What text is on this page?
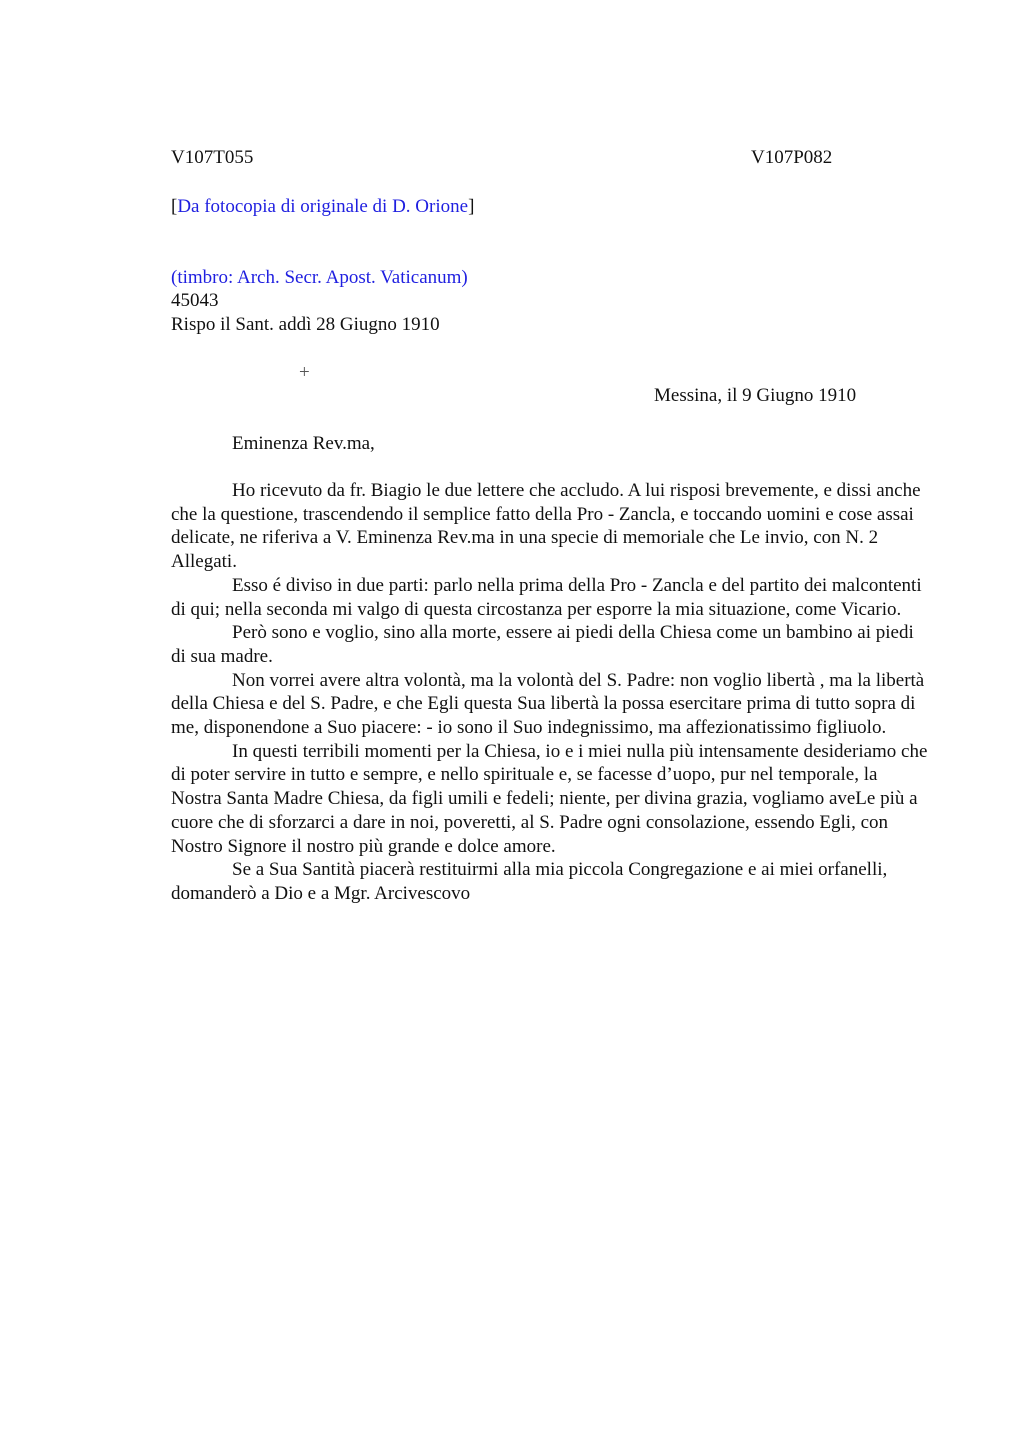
V107T055	V107P082
[Da fotocopia di originale di D. Orione]
(timbro: Arch. Secr. Apost. Vaticanum)
45043
Rispo il Sant. addì 28 Giugno 1910
+
Messina, il 9 Giugno 1910
Eminenza Rev.ma,

Ho ricevuto da fr. Biagio le due lettere che accludo. A lui risposi brevemente, e dissi anche che la questione, trascendendo il semplice fatto della Pro - Zancla, e toccando uomini e cose assai delicate, ne riferiva a V. Eminenza Rev.ma in una specie di memoriale che Le invio, con N. 2 Allegati.

Esso é diviso in due parti: parlo nella prima della Pro - Zancla e del partito dei malcontenti di qui; nella seconda mi valgo di questa circostanza per esporre la mia situazione, come Vicario.

Però sono e voglio, sino alla morte, essere ai piedi della Chiesa come un bambino ai piedi di sua madre.

Non vorrei avere altra volontà, ma la volontà del S. Padre: non voglio libertà , ma la libertà della Chiesa e del S. Padre, e che Egli questa Sua libertà la possa esercitare prima di tutto sopra di me, disponendone a Suo piacere: - io sono il Suo indegnissimo, ma affezionatissimo figliuolo.

In questi terribili momenti per la Chiesa, io e i miei nulla più intensamente desideriamo che di poter servire in tutto e sempre, e nello spirituale e, se facesse d’uopo, pur nel temporale, la Nostra Santa Madre Chiesa, da figli umili e fedeli; niente, per divina grazia, vogliamo aveLe più a cuore che di sforzarci a dare in noi, poveretti, al S. Padre ogni consolazione, essendo Egli, con Nostro Signore il nostro più grande e dolce amore.

Se a Sua Santità piacerà restituirmi alla mia piccola Congregazione e ai miei orfanelli, domanderò a Dio e a Mgr. Arcivescovo
